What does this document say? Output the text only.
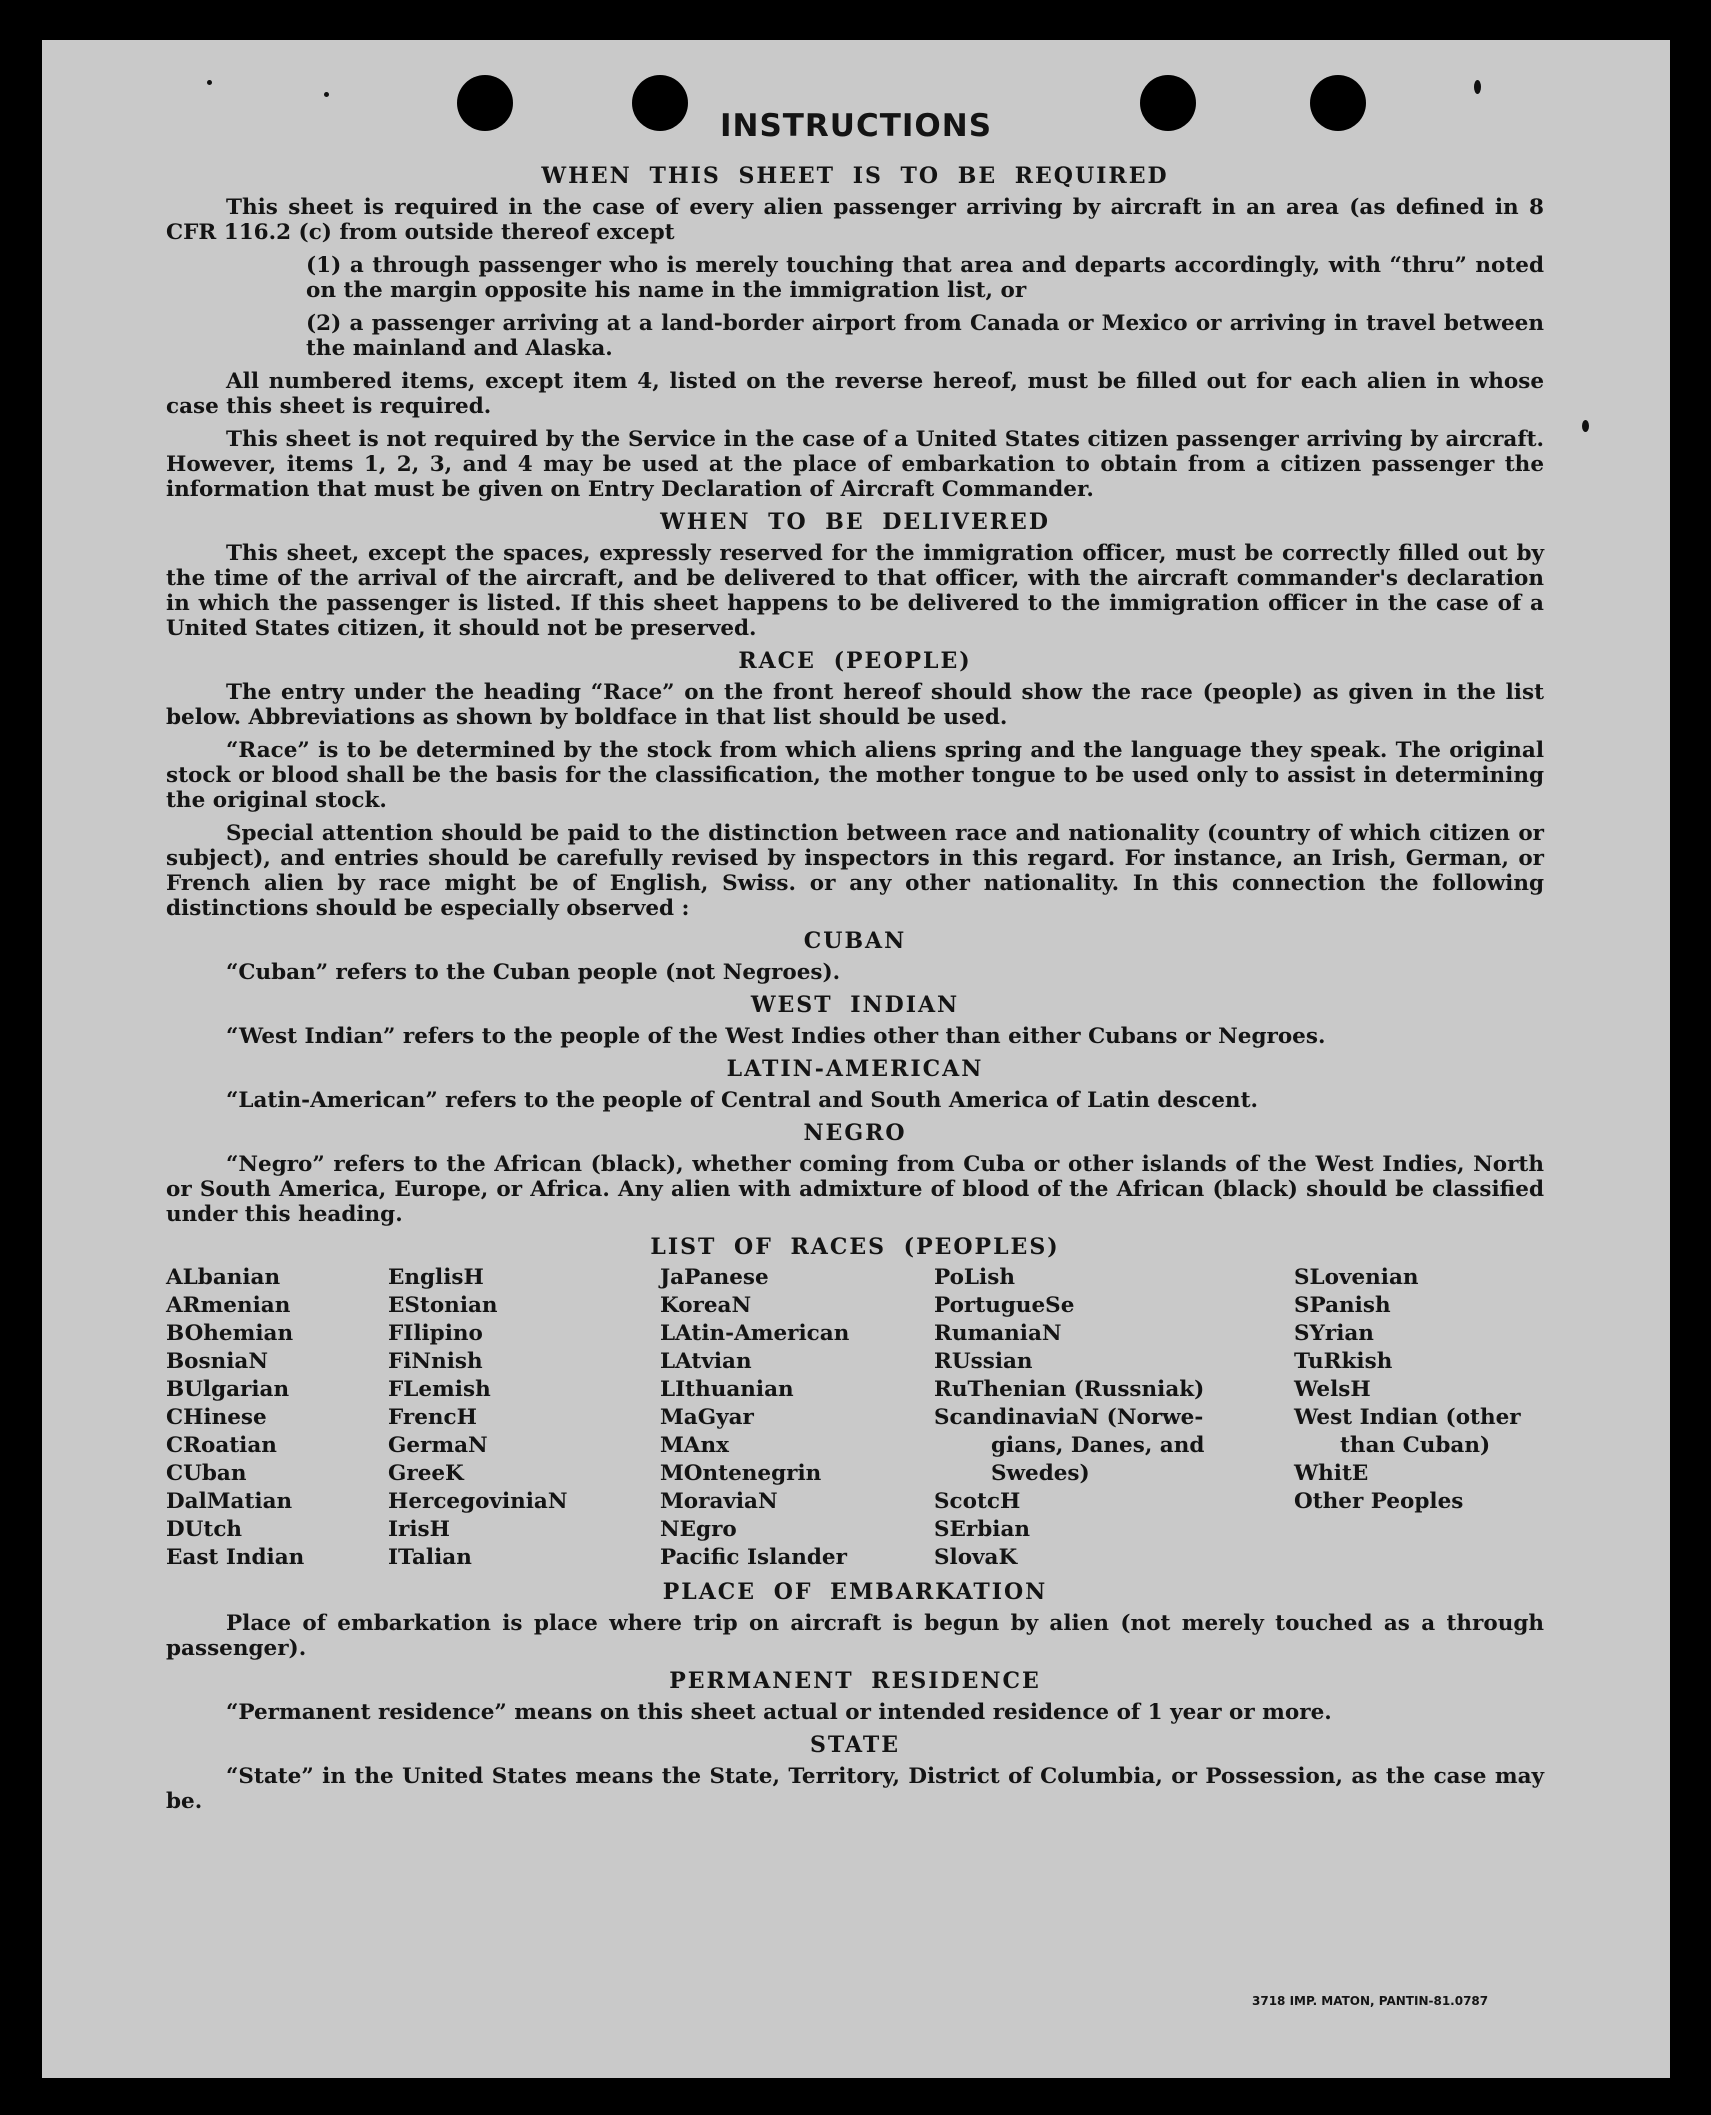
INSTRUCTIONS
WHEN THIS SHEET IS TO BE REQUIRED

This sheet is required in the case of every alien passenger arriving by aircraft in an area (as defined in 8 CFR 116.2 (c) from outside thereof except

(1) a through passenger who is merely touching that area and departs accordingly, with “thru” noted on the margin opposite his name in the immigration list, or

(2) a passenger arriving at a land-border airport from Canada or Mexico or arriving in travel between the mainland and Alaska.

All numbered items, except item 4, listed on the reverse hereof, must be filled out for each alien in whose case this sheet is required.

This sheet is not required by the Service in the case of a United States citizen passenger arriving by aircraft. However, items 1, 2, 3, and 4 may be used at the place of embarkation to obtain from a citizen passenger the information that must be given on Entry Declaration of Aircraft Commander.

WHEN TO BE DELIVERED

This sheet, except the spaces, expressly reserved for the immigration officer, must be correctly filled out by the time of the arrival of the aircraft, and be delivered to that officer, with the aircraft commander's declaration in which the passenger is listed. If this sheet happens to be delivered to the immigration officer in the case of a United States citizen, it should not be preserved.

RACE (PEOPLE)

The entry under the heading “Race” on the front hereof should show the race (people) as given in the list below. Abbreviations as shown by boldface in that list should be used.

“Race” is to be determined by the stock from which aliens spring and the language they speak. The original stock or blood shall be the basis for the classification, the mother tongue to be used only to assist in determining the original stock.

Special attention should be paid to the distinction between race and nationality (country of which citizen or subject), and entries should be carefully revised by inspectors in this regard. For instance, an Irish, German, or French alien by race might be of English, Swiss. or any other nationality. In this connection the following distinctions should be especially observed :

CUBAN

“Cuban” refers to the Cuban people (not Negroes).

WEST INDIAN

“West Indian” refers to the people of the West Indies other than either Cubans or Negroes.

LATIN-AMERICAN

“Latin-American” refers to the people of Central and South America of Latin descent.

NEGRO

“Negro” refers to the African (black), whether coming from Cuba or other islands of the West Indies, North or South America, Europe, or Africa. Any alien with admixture of blood of the African (black) should be classified under this heading.

LIST OF RACES (PEOPLES)
ALbanian
ARmenian
BOhemian
BosniaN
BUlgarian
CHinese
CRoatian
CUban
DalMatian
DUtch
East Indian
EnglisH
EStonian
FIlipino
FiNnish
FLemish
FrencH
GermaN
GreeK
HercegoviniaN
IrisH
ITalian
JaPanese
KoreaN
LAtin-American
LAtvian
LIthuanian
MaGyar
MAnx
MOntenegrin
MoraviaN
NEgro
Pacific Islander
PoLish
PortugueSe
RumaniaN
RUssian
RuThenian (Russniak)
ScandinaviaN (Norwe-
gians, Danes, and
Swedes)
ScotcH
SErbian
SlovaK
SLovenian
SPanish
SYrian
TuRkish
WelsH
West Indian (other
than Cuban)
WhitE
Other Peoples
PLACE OF EMBARKATION

Place of embarkation is place where trip on aircraft is begun by alien (not merely touched as a through passenger).

PERMANENT RESIDENCE

“Permanent residence” means on this sheet actual or intended residence of 1 year or more.

STATE

“State” in the United States means the State, Territory, District of Columbia, or Possession, as the case may be.

3718 IMP. MATON, PANTIN-81.0787
